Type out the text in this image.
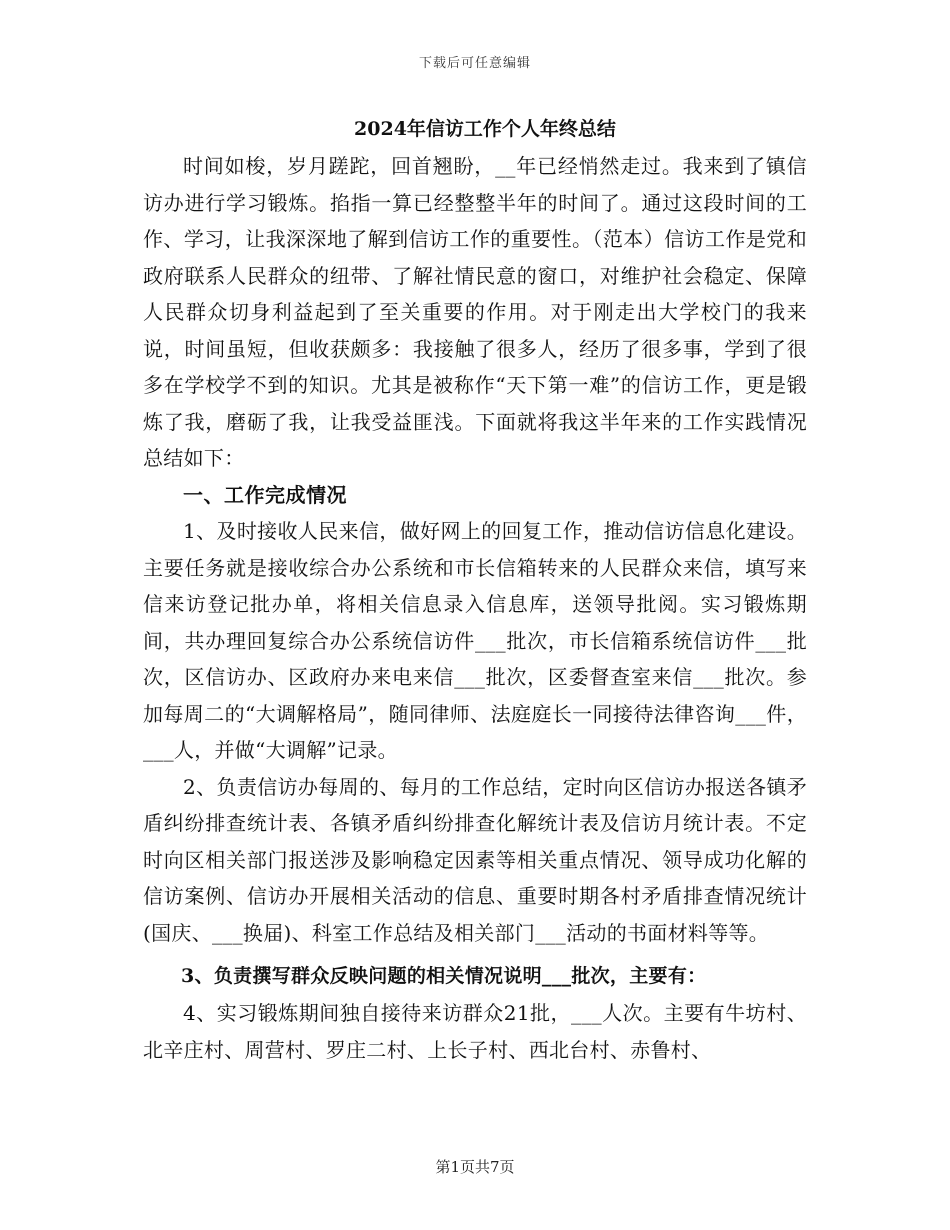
下载后可任意编辑
2024年信访工作个人年终总结

时间如梭，岁月蹉跎，回首翘盼，__年已经悄然走过。我来到了镇信访办进行学习锻炼。掐指一算已经整整半年的时间了。通过这段时间的工作、学习，让我深深地了解到信访工作的重要性。（范本）信访工作是党和政府联系人民群众的纽带、了解社情民意的窗口，对维护社会稳定、保障人民群众切身利益起到了至关重要的作用。对于刚走出大学校门的我来说，时间虽短，但收获颇多：我接触了很多人，经历了很多事，学到了很多在学校学不到的知识。尤其是被称作“天下第一难”的信访工作，更是锻炼了我，磨砺了我，让我受益匪浅。下面就将我这半年来的工作实践情况总结如下：

一、工作完成情况

1、及时接收人民来信，做好网上的回复工作，推动信访信息化建设。主要任务就是接收综合办公系统和市长信箱转来的人民群众来信，填写来信来访登记批办单，将相关信息录入信息库，送领导批阅。实习锻炼期间，共办理回复综合办公系统信访件___批次，市长信箱系统信访件___批次，区信访办、区政府办来电来信___批次，区委督查室来信___批次。参加每周二的“大调解格局”，随同律师、法庭庭长一同接待法律咨询___件，___人，并做“大调解”记录。

2、负责信访办每周的、每月的工作总结，定时向区信访办报送各镇矛盾纠纷排查统计表、各镇矛盾纠纷排查化解统计表及信访月统计表。不定时向区相关部门报送涉及影响稳定因素等相关重点情况、领导成功化解的信访案例、信访办开展相关活动的信息、重要时期各村矛盾排查情况统计(国庆、___换届)、科室工作总结及相关部门___活动的书面材料等等。

3、负责撰写群众反映问题的相关情况说明___批次，主要有：

4、实习锻炼期间独自接待来访群众21批，___人次。主要有牛坊村、北辛庄村、周营村、罗庄二村、上长子村、西北台村、赤鲁村、

第1页共7页
